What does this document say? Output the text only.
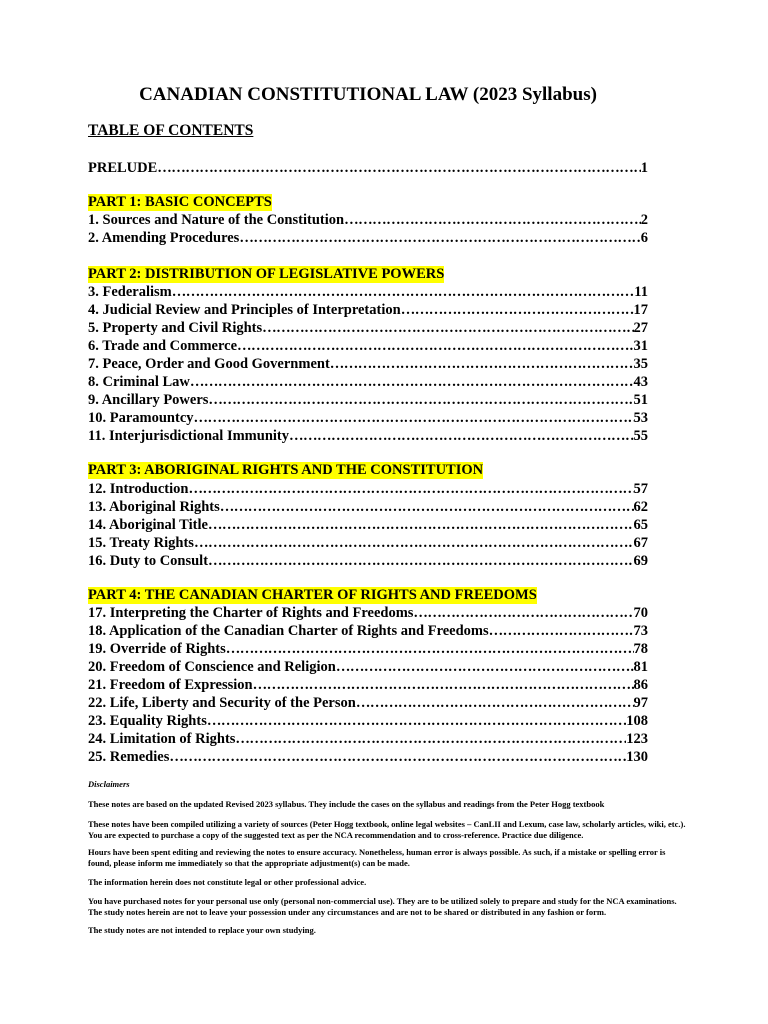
CANADIAN CONSTITUTIONAL LAW (2023 Syllabus)
TABLE OF CONTENTS
PRELUDE ……………………………………………………………………………………………………………………………………………………………………………………………………	1
PART 1: BASIC CONCEPTS
1. Sources and Nature of the Constitution ……………………………………………………………………………………………………………………………………………………………………………………………………	2
2. Amending Procedures ……………………………………………………………………………………………………………………………………………………………………………………………………	6
PART 2: DISTRIBUTION OF LEGISLATIVE POWERS
3. Federalism ……………………………………………………………………………………………………………………………………………………………………………………………………	11
4. Judicial Review and Principles of Interpretation ……………………………………………………………………………………………………………………………………………………………………………………………………	17
5. Property and Civil Rights ……………………………………………………………………………………………………………………………………………………………………………………………………	27
6. Trade and Commerce ……………………………………………………………………………………………………………………………………………………………………………………………………	31
7. Peace, Order and Good Government ……………………………………………………………………………………………………………………………………………………………………………………………………	35
8. Criminal Law ……………………………………………………………………………………………………………………………………………………………………………………………………	43
9. Ancillary Powers ……………………………………………………………………………………………………………………………………………………………………………………………………	51
10. Paramountcy ……………………………………………………………………………………………………………………………………………………………………………………………………	53
11. Interjurisdictional Immunity ……………………………………………………………………………………………………………………………………………………………………………………………………	55
PART 3: ABORIGINAL RIGHTS AND THE CONSTITUTION
12. Introduction ……………………………………………………………………………………………………………………………………………………………………………………………………	57
13. Aboriginal Rights ……………………………………………………………………………………………………………………………………………………………………………………………………	62
14. Aboriginal Title ……………………………………………………………………………………………………………………………………………………………………………………………………	65
15. Treaty Rights ……………………………………………………………………………………………………………………………………………………………………………………………………	67
16. Duty to Consult ……………………………………………………………………………………………………………………………………………………………………………………………………	69
PART 4: THE CANADIAN CHARTER OF RIGHTS AND FREEDOMS
17. Interpreting the Charter of Rights and Freedoms ……………………………………………………………………………………………………………………………………………………………………………………………………	70
18. Application of the Canadian Charter of Rights and Freedoms ……………………………………………………………………………………………………………………………………………………………………………………………………	73
19. Override of Rights ……………………………………………………………………………………………………………………………………………………………………………………………………	78
20. Freedom of Conscience and Religion ……………………………………………………………………………………………………………………………………………………………………………………………………	81
21. Freedom of Expression ……………………………………………………………………………………………………………………………………………………………………………………………………	86
22. Life, Liberty and Security of the Person ……………………………………………………………………………………………………………………………………………………………………………………………………	97
23. Equality Rights ……………………………………………………………………………………………………………………………………………………………………………………………………	108
24. Limitation of Rights ……………………………………………………………………………………………………………………………………………………………………………………………………	123
25. Remedies ……………………………………………………………………………………………………………………………………………………………………………………………………	130
Disclaimers
These notes are based on the updated Revised 2023 syllabus. They include the cases on the syllabus and readings from the Peter Hogg textbook
These notes have been compiled utilizing a variety of sources (Peter Hogg textbook, online legal websites – CanLII and Lexum, case law, scholarly articles, wiki, etc.). You are expected to purchase a copy of the suggested text as per the NCA recommendation and to cross-reference. Practice due diligence.
Hours have been spent editing and reviewing the notes to ensure accuracy. Nonetheless, human error is always possible. As such, if a mistake or spelling error is found, please inform me immediately so that the appropriate adjustment(s) can be made.
The information herein does not constitute legal or other professional advice.
You have purchased notes for your personal use only (personal non-commercial use). They are to be utilized solely to prepare and study for the NCA examinations. The study notes herein are not to leave your possession under any circumstances and are not to be shared or distributed in any fashion or form.
The study notes are not intended to replace your own studying.
